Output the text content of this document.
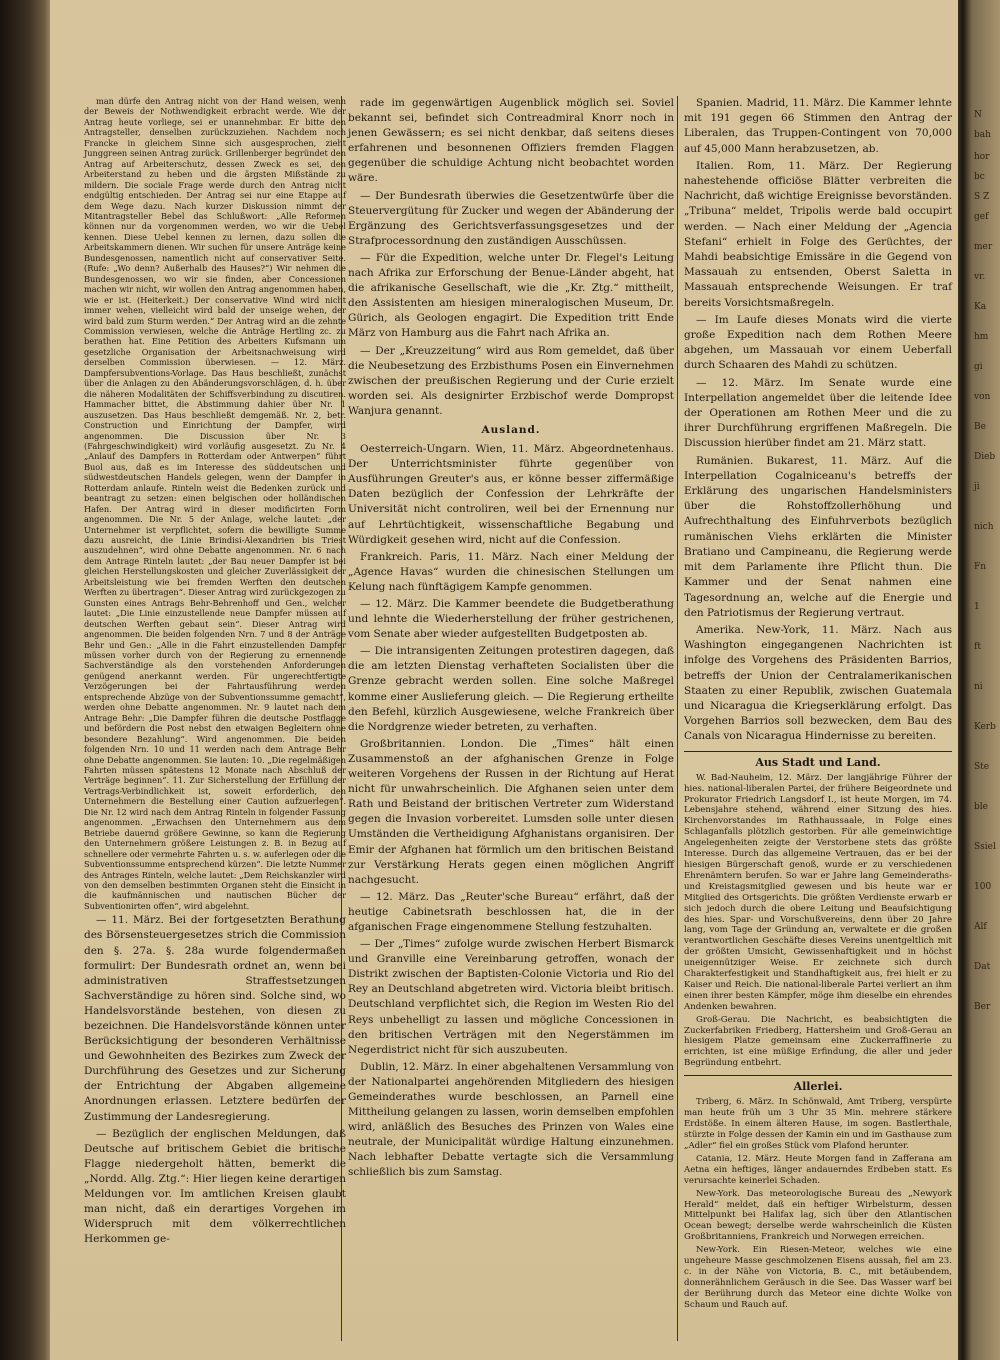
man dürfe den Antrag nicht von der Hand weisen, wenn der Beweis der Nothwendigkeit erbracht werde. Wie der Antrag heute vorliege, sei er unannehmbar. Er bitte den Antragsteller, denselben zurückzuziehen. Nachdem noch Francke in gleichem Sinne sich ausgesprochen, zieht Junggreen seinen Antrag zurück. Grillenberger begründet den Antrag auf Arbeiterschutz, dessen Zweck es sei, den Arbeiterstand zu heben und die ärgsten Mißstände zu mildern. Die sociale Frage werde durch den Antrag nicht endgültig entschieden. Der Antrag sei nur eine Etappe auf dem Wege dazu. Nach kurzer Diskussion nimmt der Mitantragsteller Bebel das Schlußwort: „Alle Reformen können nur da vorgenommen werden, wo wir die Uebel kennen. Diese Uebel kennen zu lernen, dazu sollen die Arbeitskammern dienen. Wir suchen für unsere Anträge keine Bundesgenossen, namentlich nicht auf conservativer Seite. (Rufe: „Wo denn? Außerhalb des Hauses?“) Wir nehmen die Bundesgenossen, wo wir sie finden, aber Concessionen machen wir nicht, wir wollen den Antrag angenommen haben, wie er ist. (Heiterkeit.) Der conservative Wind wird nicht immer wehen, vielleicht wird bald der unseige wehen, der wird bald zum Sturm werden.“ Der Antrag wird an die zehnte Commission verwiesen, welche die Anträge Hertling zc. zu berathen hat. Eine Petition des Arbeiters Kufsmann um gesetzliche Organisation der Arbeitsnachweisung wird derselben Commission überwiesen. — 12. März. Dampfersubventions-Vorlage. Das Haus beschließt, zunächst über die Anlagen zu den Abänderungsvorschlägen, d. h. über die näheren Modalitäten der Schiffsverbindung zu discutiren. Hammacher bittet, die Abstimmung dahier über Nr. 1 auszusetzen. Das Haus beschließt demgemäß. Nr. 2, betr. Construction und Einrichtung der Dampfer, wird angenommen. Die Discussion über Nr. 3 (Fahrgeschwindigkeit) wird vorläufig ausgesetzt. Zu Nr. 4 „Anlauf des Dampfers in Rotterdam oder Antwerpen“ führt Buol aus, daß es im Interesse des süddeutschen und südwestdeutschen Handels gelegen, wenn der Dampfer in Rotterdam anlaufe. Rinteln weist die Bedenken zurück und beantragt zu setzen: einen belgischen oder holländischen Hafen. Der Antrag wird in dieser modificirten Form angenommen. Die Nr. 5 der Anlage, welche lautet: „der Unternehmer ist verpflichtet, sofern die bewilligte Summe dazu ausreicht, die Linie Brindisi-Alexandrien bis Triest auszudehnen“, wird ohne Debatte angenommen. Nr. 6 nach dem Antrage Rinteln lautet: „der Bau neuer Dampfer ist bei gleichen Herstellungskosten und gleicher Zuverlässigkeit der Arbeitsleistung wie bei fremden Werften den deutschen Werften zu übertragen“. Dieser Antrag wird zurückgezogen zu Gunsten eines Antrags Behr-Behrenhoff und Gen., welcher lautet: „Die Linie einzustellende neue Dampfer müssen auf deutschen Werften gebaut sein“. Dieser Antrag wird angenommen. Die beiden folgenden Nrn. 7 und 8 der Anträge Behr und Gen.: „Alle in die Fahrt einzustellenden Dampfer müssen vorher durch von der Regierung zu ernennende Sachverständige als den vorstehenden Anforderungen genügend anerkannt werden. Für ungerechtfertigte Verzögerungen bei der Fahrtausführung werden entsprechende Abzüge von der Subventionssumme gemacht“, werden ohne Debatte angenommen. Nr. 9 lautet nach dem Antrage Behr: „Die Dampfer führen die deutsche Postflagge und befördern die Post nebst den etwaigen Begleitern ohne besondere Bezahlung“. Wird angenommen. Die beiden folgenden Nrn. 10 und 11 werden nach dem Antrage Behr ohne Debatte angenommen. Sie lauten: 10. „Die regelmäßigen Fahrten müssen spätestens 12 Monate nach Abschluß der Verträge beginnen“. 11. Zur Sicherstellung der Erfüllung der Vertrags-Verbindlichkeit ist, soweit erforderlich, den Unternehmern die Bestellung einer Caution aufzuerlegen“. Die Nr. 12 wird nach dem Antrag Rinteln in folgender Fassung angenommen. „Erwachsen den Unternehmern aus dem Betriebe dauernd größere Gewinne, so kann die Regierung den Unternehmern größere Leistungen z. B. in Bezug auf schnellere oder vermehrte Fahrten u. s. w. auferlegen oder die Subventionssumme entsprechend kürzen“. Die letzte Nummer des Antrages Rinteln, welche lautet: „Dem Reichskanzler wird von den demselben bestimmten Organen steht die Einsicht in die kaufmännischen und nautischen Bücher der Subventionirten offen“, wird abgelehnt.

— 11. März. Bei der fortgesetzten Berathung des Börsensteuergesetzes strich die Commission den §. 27a. §. 28a wurde folgendermaßen formulirt: Der Bundesrath ordnet an, wenn bei administrativen Straffestsetzungen Sachverständige zu hören sind. Solche sind, wo Handelsvorstände bestehen, von diesen zu bezeichnen. Die Handelsvorstände können unter Berücksichtigung der besonderen Verhältnisse und Gewohnheiten des Bezirkes zum Zweck der Durchführung des Gesetzes und zur Sicherung der Entrichtung der Abgaben allgemeine Anordnungen erlassen. Letztere bedürfen der Zustimmung der Landesregierung.

— Bezüglich der englischen Meldungen, daß Deutsche auf britischem Gebiet die britische Flagge niedergeholt hätten, bemerkt die „Nordd. Allg. Ztg.“: Hier liegen keine derartigen Meldungen vor. Im amtlichen Kreisen glaubt man nicht, daß ein derartiges Vorgehen im Widerspruch mit dem völkerrechtlichen Herkommen ge-

rade im gegenwärtigen Augenblick möglich sei. Soviel bekannt sei, befindet sich Contreadmiral Knorr noch in jenen Gewässern; es sei nicht denkbar, daß seitens dieses erfahrenen und besonnenen Offiziers fremden Flaggen gegenüber die schuldige Achtung nicht beobachtet worden wäre.

— Der Bundesrath überwies die Gesetzentwürfe über die Steuervergütung für Zucker und wegen der Abänderung der Ergänzung des Gerichtsverfassungsgesetzes und der Strafprocessordnung den zuständigen Ausschüssen.

— Für die Expedition, welche unter Dr. Flegel's Leitung nach Afrika zur Erforschung der Benue-Länder abgeht, hat die afrikanische Gesellschaft, wie die „Kr. Ztg.“ mittheilt, den Assistenten am hiesigen mineralogischen Museum, Dr. Gürich, als Geologen engagirt. Die Expedition tritt Ende März von Hamburg aus die Fahrt nach Afrika an.

— Der „Kreuzzeitung“ wird aus Rom gemeldet, daß über die Neubesetzung des Erzbisthums Posen ein Einvernehmen zwischen der preußischen Regierung und der Curie erzielt worden sei. Als designirter Erzbischof werde Dompropst Wanjura genannt.

Ausland.

Oesterreich-Ungarn. Wien, 11. März. Abgeordnetenhaus. Der Unterrichtsminister führte gegenüber von Ausführungen Greuter's aus, er könne besser ziffermäßige Daten bezüglich der Confession der Lehrkräfte der Universität nicht controliren, weil bei der Ernennung nur auf Lehrtüchtigkeit, wissenschaftliche Begabung und Würdigkeit gesehen wird, nicht auf die Confession.

Frankreich. Paris, 11. März. Nach einer Meldung der „Agence Havas“ wurden die chinesischen Stellungen um Kelung nach fünftägigem Kampfe genommen.

— 12. März. Die Kammer beendete die Budgetberathung und lehnte die Wiederherstellung der früher gestrichenen, vom Senate aber wieder aufgestellten Budgetposten ab.

— Die intransigenten Zeitungen protestiren dagegen, daß die am letzten Dienstag verhafteten Socialisten über die Grenze gebracht werden sollen. Eine solche Maßregel komme einer Auslieferung gleich. — Die Regierung ertheilte den Befehl, kürzlich Ausgewiesene, welche Frankreich über die Nordgrenze wieder betreten, zu verhaften.

Großbritannien. London. Die „Times“ hält einen Zusammenstoß an der afghanischen Grenze in Folge weiteren Vorgehens der Russen in der Richtung auf Herat nicht für unwahrscheinlich. Die Afghanen seien unter dem Rath und Beistand der britischen Vertreter zum Widerstand gegen die Invasion vorbereitet. Lumsden solle unter diesen Umständen die Vertheidigung Afghanistans organisiren. Der Emir der Afghanen hat förmlich um den britischen Beistand zur Verstärkung Herats gegen einen möglichen Angriff nachgesucht.

— 12. März. Das „Reuter'sche Bureau“ erfährt, daß der heutige Cabinetsrath beschlossen hat, die in der afganischen Frage eingenommene Stellung festzuhalten.

— Der „Times“ zufolge wurde zwischen Herbert Bismarck und Granville eine Vereinbarung getroffen, wonach der Distrikt zwischen der Baptisten-Colonie Victoria und Rio del Rey an Deutschland abgetreten wird. Victoria bleibt britisch. Deutschland verpflichtet sich, die Region im Westen Rio del Reys unbehelligt zu lassen und mögliche Concessionen in den britischen Verträgen mit den Negerstämmen im Negerdistrict nicht für sich auszubeuten.

Dublin, 12. März. In einer abgehaltenen Versammlung von der Nationalpartei angehörenden Mitgliedern des hiesigen Gemeinderathes wurde beschlossen, an Parnell eine Mittheilung gelangen zu lassen, worin demselben empfohlen wird, anläßlich des Besuches des Prinzen von Wales eine neutrale, der Municipalität würdige Haltung einzunehmen. Nach lebhafter Debatte vertagte sich die Versammlung schließlich bis zum Samstag.

Spanien. Madrid, 11. März. Die Kammer lehnte mit 191 gegen 66 Stimmen den Antrag der Liberalen, das Truppen-Contingent von 70,000 auf 45,000 Mann herabzusetzen, ab.

Italien. Rom, 11. März. Der Regierung nahestehende officiöse Blätter verbreiten die Nachricht, daß wichtige Ereignisse bevorständen. „Tribuna“ meldet, Tripolis werde bald occupirt werden. — Nach einer Meldung der „Agencia Stefani“ erhielt in Folge des Gerüchtes, der Mahdi beabsichtige Emissäre in die Gegend von Massauah zu entsenden, Oberst Saletta in Massauah entsprechende Weisungen. Er traf bereits Vorsichtsmaßregeln.

— Im Laufe dieses Monats wird die vierte große Expedition nach dem Rothen Meere abgehen, um Massauah vor einem Ueberfall durch Schaaren des Mahdi zu schützen.

— 12. März. Im Senate wurde eine Interpellation angemeldet über die leitende Idee der Operationen am Rothen Meer und die zu ihrer Durchführung ergriffenen Maßregeln. Die Discussion hierüber findet am 21. März statt.

Rumänien. Bukarest, 11. März. Auf die Interpellation Cogalniceanu's betreffs der Erklärung des ungarischen Handelsministers über die Rohstoffzollerhöhung und Aufrechthaltung des Einfuhrverbots bezüglich rumänischen Viehs erklärten die Minister Bratiano und Campineanu, die Regierung werde mit dem Parlamente ihre Pflicht thun. Die Kammer und der Senat nahmen eine Tagesordnung an, welche auf die Energie und den Patriotismus der Regierung vertraut.

Amerika. New-York, 11. März. Nach aus Washington eingegangenen Nachrichten ist infolge des Vorgehens des Präsidenten Barrios, betreffs der Union der Centralamerikanischen Staaten zu einer Republik, zwischen Guatemala und Nicaragua die Kriegserklärung erfolgt. Das Vorgehen Barrios soll bezwecken, dem Bau des Canals von Nicaragua Hindernisse zu bereiten.

Aus Stadt und Land.

W. Bad-Nauheim, 12. März. Der langjährige Führer der hies. national-liberalen Partei, der frühere Beigeordnete und Prokurator Friedrich Langsdorf I., ist heute Morgen, im 74. Lebensjahre stehend, während einer Sitzung des hies. Kirchenvorstandes im Rathhaussaale, in Folge eines Schlaganfalls plötzlich gestorben. Für alle gemeinwichtige Angelegenheiten zeigte der Verstorbene stets das größte Interesse. Durch das allgemeine Vertrauen, das er bei der hiesigen Bürgerschaft genoß, wurde er zu verschiedenen Ehrenämtern berufen. So war er Jahre lang Gemeinderaths- und Kreistagsmitglied gewesen und bis heute war er Mitglied des Ortsgerichts. Die größten Verdienste erwarb er sich jedoch durch die obere Leitung und Beaufsichtigung des hies. Spar- und Vorschußvereins, denn über 20 Jahre lang, vom Tage der Gründung an, verwaltete er die großen verantwortlichen Geschäfte dieses Vereins unentgeltlich mit der größten Umsicht, Gewissenhaftigkeit und in höchst uneigennütziger Weise. Er zeichnete sich durch Charakterfestigkeit und Standhaftigkeit aus, frei hielt er zu Kaiser und Reich. Die national-liberale Partei verliert an ihm einen ihrer besten Kämpfer, möge ihm dieselbe ein ehrendes Andenken bewahren.

Groß-Gerau. Die Nachricht, es beabsichtigten die Zuckerfabriken Friedberg, Hattersheim und Groß-Gerau an hiesigem Platze gemeinsam eine Zuckerraffinerie zu errichten, ist eine müßige Erfindung, die aller und jeder Begründung entbehrt.

Allerlei.

Triberg, 6. März. In Schönwald, Amt Triberg, verspürte man heute früh um 3 Uhr 35 Min. mehrere stärkere Erdstöße. In einem älteren Hause, im sogen. Bastlerthale, stürzte in Folge dessen der Kamin ein und im Gasthause zum „Adler“ fiel ein großes Stück vom Plafond herunter.

Catania, 12. März. Heute Morgen fand in Zafferana am Aetna ein heftiges, länger andauerndes Erdbeben statt. Es verursachte keinerlei Schaden.

New-York. Das meteorologische Bureau des „Newyork Herald“ meldet, daß ein heftiger Wirbelsturm, dessen Mittelpunkt bei Halifax lag, sich über den Atlantischen Ocean bewegt; derselbe werde wahrscheinlich die Küsten Großbritanniens, Frankreich und Norwegen erreichen.

New-York. Ein Riesen-Meteor, welches wie eine ungeheure Masse geschmolzenen Eisens aussah, fiel am 23. c. in der Nähe von Victoria, B. C., mit betäubendem, donnerähnlichem Geräusch in die See. Das Wasser warf bei der Berührung durch das Meteor eine dichte Wolke von Schaum und Rauch auf.

N
bah
hor
bc
S Z
gef
mer
vr.
Ka
hm
gi
von
Be
Dieb
ji
nich
Fn
1
ft
ni
Kerb
Ste
ble
Ssiel
100
Alf
Dat
Ber
